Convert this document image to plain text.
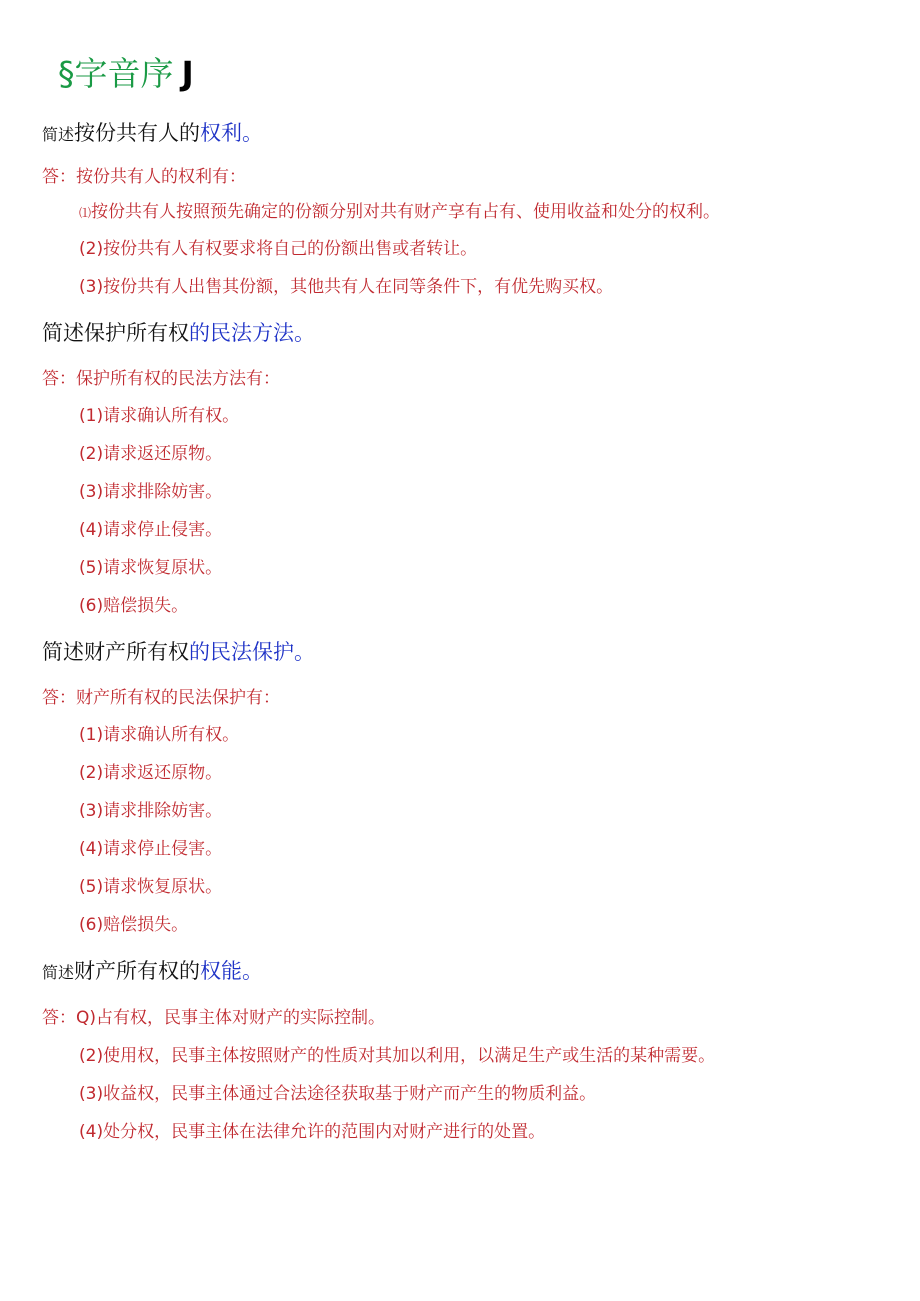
§字音序 J
简述按份共有人的权利。
答：按份共有人的权利有：
⑴按份共有人按照预先确定的份额分别对共有财产享有占有、使用收益和处分的权利。
(2)按份共有人有权要求将自己的份额出售或者转让。
(3)按份共有人出售其份额，其他共有人在同等条件下，有优先购买权。
简述保护所有权的民法方法。
答：保护所有权的民法方法有：
(1)请求确认所有权。
(2)请求返还原物。
(3)请求排除妨害。
(4)请求停止侵害。
(5)请求恢复原状。
(6)赔偿损失。
简述财产所有权的民法保护。
答：财产所有权的民法保护有：
(1)请求确认所有权。
(2)请求返还原物。
(3)请求排除妨害。
(4)请求停止侵害。
(5)请求恢复原状。
(6)赔偿损失。
简述财产所有权的权能。
答：Q)占有权，民事主体对财产的实际控制。
(2)使用权，民事主体按照财产的性质对其加以利用，以满足生产或生活的某种需要。
(3)收益权，民事主体通过合法途径获取基于财产而产生的物质利益。
(4)处分权，民事主体在法律允许的范围内对财产进行的处置。
